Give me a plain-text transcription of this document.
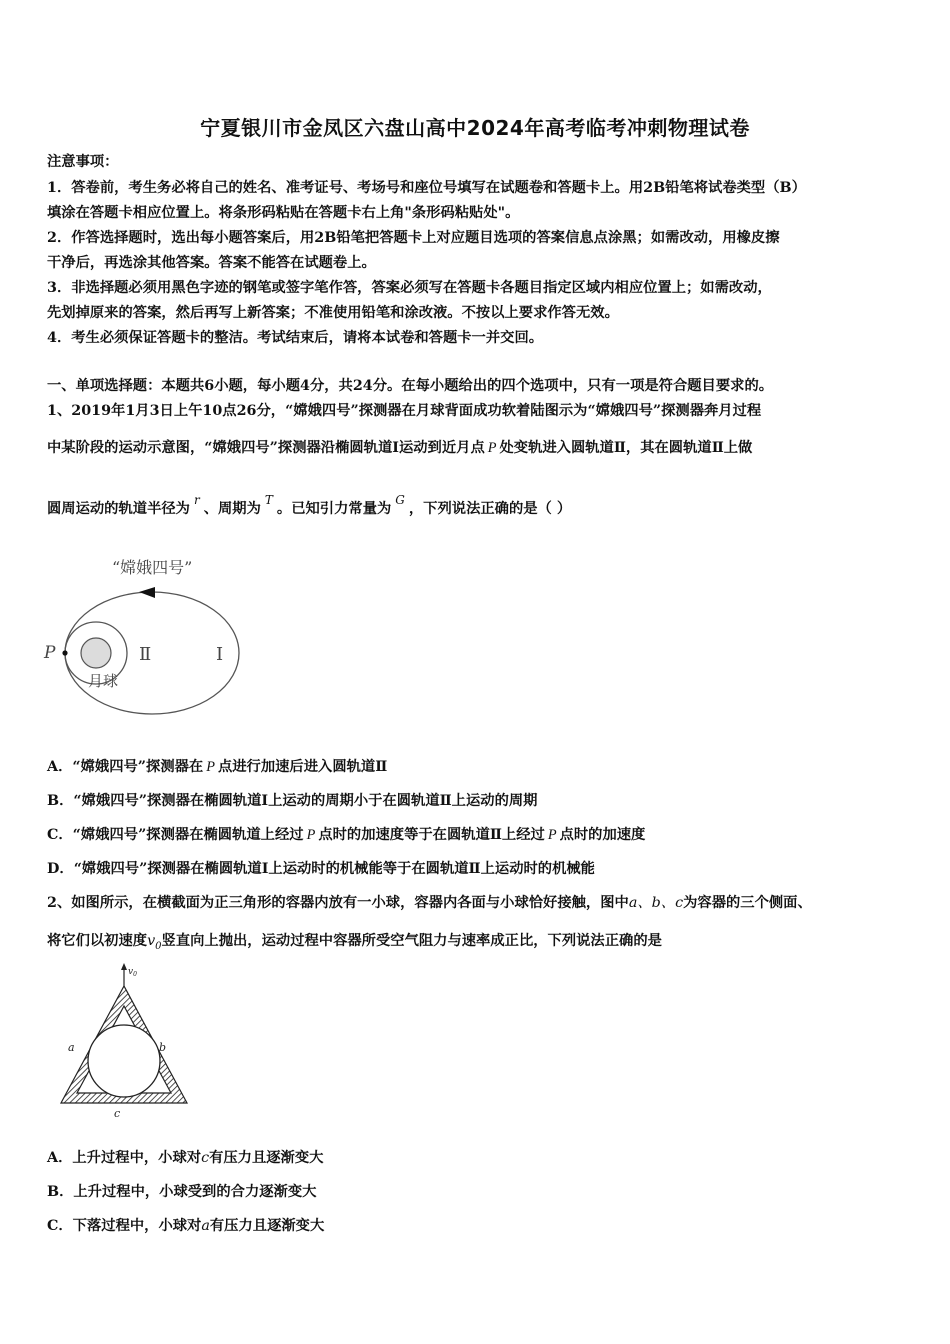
宁夏银川市金凤区六盘山高中2024年高考临考冲刺物理试卷
注意事项：
1．答卷前，考生务必将自己的姓名、准考证号、考场号和座位号填写在试题卷和答题卡上。用2B铅笔将试卷类型（B）
填涂在答题卡相应位置上。将条形码粘贴在答题卡右上角"条形码粘贴处"。
2．作答选择题时，选出每小题答案后，用2B铅笔把答题卡上对应题目选项的答案信息点涂黑；如需改动，用橡皮擦
干净后，再选涂其他答案。答案不能答在试题卷上。
3．非选择题必须用黑色字迹的钢笔或签字笔作答，答案必须写在答题卡各题目指定区域内相应位置上；如需改动，
先划掉原来的答案，然后再写上新答案；不准使用铅笔和涂改液。不按以上要求作答无效。
4．考生必须保证答题卡的整洁。考试结束后，请将本试卷和答题卡一并交回。
一、单项选择题：本题共6小题，每小题4分，共24分。在每小题给出的四个选项中，只有一项是符合题目要求的。
1、2019年1月3日上午10点26分，“嫦娥四号”探测器在月球背面成功软着陆图示为“嫦娥四号”探测器奔月过程
中某阶段的运动示意图，“嫦娥四号”探测器沿椭圆轨道Ⅰ运动到近月点 P 处变轨进入圆轨道Ⅱ，其在圆轨道Ⅱ上做
圆周运动的轨道半径为$^r$、周期为$^T$。已知引力常量为$^G$，下列说法正确的是（ ）
“嫦娥四号”
P	Ⅱ	Ⅰ
月球
A．“嫦娥四号”探测器在 P 点进行加速后进入圆轨道Ⅱ
B．“嫦娥四号”探测器在椭圆轨道Ⅰ上运动的周期小于在圆轨道Ⅱ上运动的周期
C．“嫦娥四号”探测器在椭圆轨道上经过 P 点时的加速度等于在圆轨道Ⅱ上经过 P 点时的加速度
D．“嫦娥四号”探测器在椭圆轨道Ⅰ上运动时的机械能等于在圆轨道Ⅱ上运动时的机械能
2、如图所示，在横截面为正三角形的容器内放有一小球，容器内各面与小球恰好接触，图中a、b、c为容器的三个侧面、
将它们以初速度$v_0$竖直向上抛出，运动过程中容器所受空气阻力与速率成正比，下列说法正确的是
$v_0$
a	b
c
A．上升过程中，小球对c有压力且逐渐变大
B．上升过程中，小球受到的合力逐渐变大
C．下落过程中，小球对a有压力且逐渐变大
